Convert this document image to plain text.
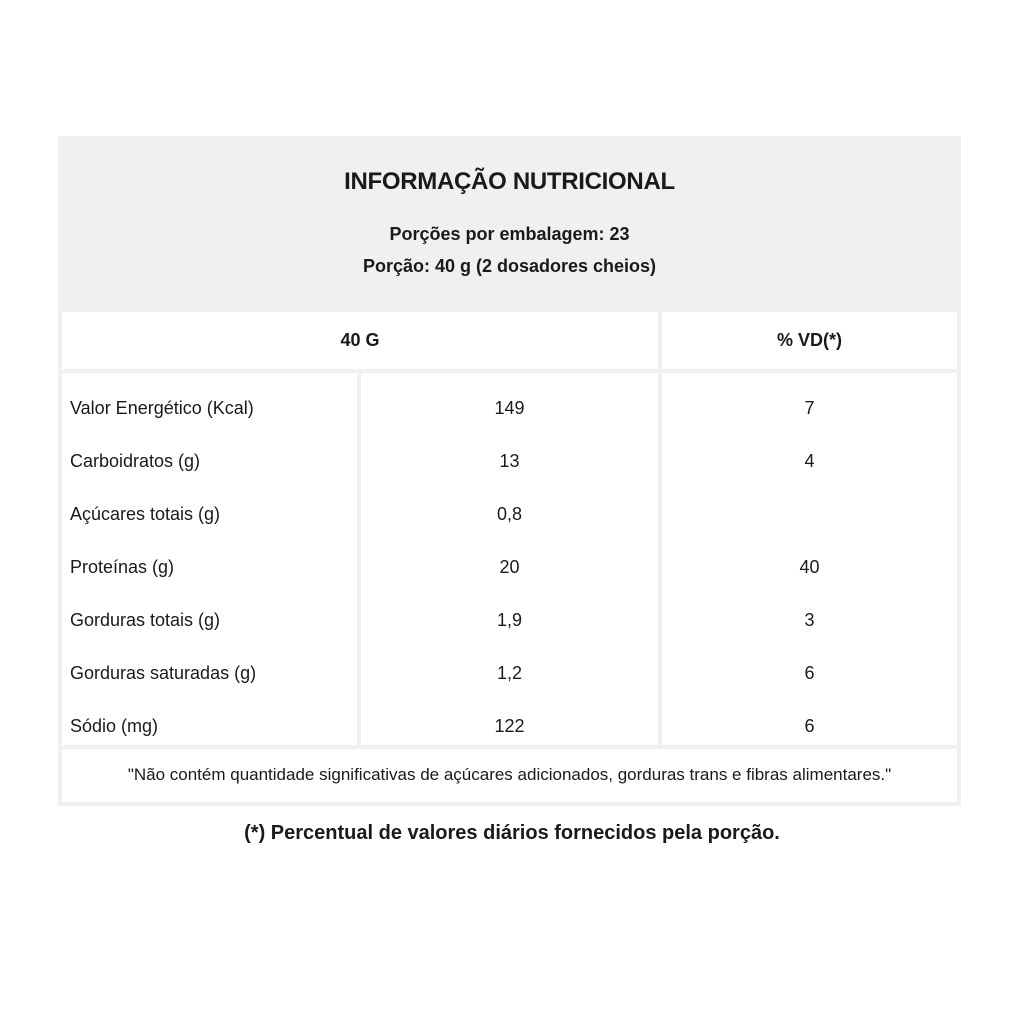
INFORMAÇÃO NUTRICIONAL
Porções por embalagem: 23
Porção: 40 g (2 dosadores cheios)
40 G	% VD(*)
Valor Energético (Kcal)
Carboidratos (g)
Açúcares totais (g)
Proteínas (g)
Gorduras totais (g)
Gorduras saturadas (g)
Sódio (mg)
149
13
0,8
20
1,9
1,2
122
7
4
40
3
6
6
"Não contém quantidade significativas de açúcares adicionados, gorduras trans e fibras alimentares."
(*) Percentual de valores diários fornecidos pela porção.
